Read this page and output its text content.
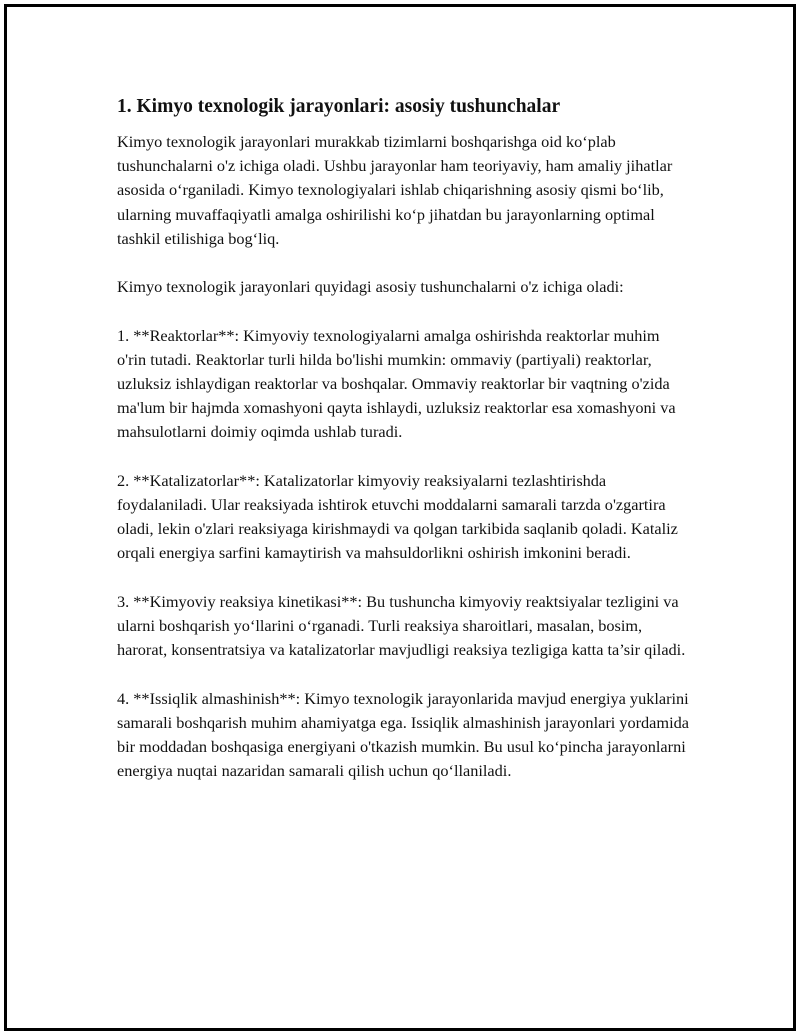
1. Kimyo texnologik jarayonlari: asosiy tushunchalar

Kimyo texnologik jarayonlari murakkab tizimlarni boshqarishga oid ko‘plab tushunchalarni o'z ichiga oladi. Ushbu jarayonlar ham teoriyaviy, ham amaliy jihatlar asosida o‘rganiladi. Kimyo texnologiyalari ishlab chiqarishning asosiy qismi bo‘lib, ularning muvaffaqiyatli amalga oshirilishi ko‘p jihatdan bu jarayonlarning optimal tashkil etilishiga bog‘liq.

Kimyo texnologik jarayonlari quyidagi asosiy tushunchalarni o'z ichiga oladi:

1. **Reaktorlar**: Kimyoviy texnologiyalarni amalga oshirishda reaktorlar muhim o'rin tutadi. Reaktorlar turli hilda bo'lishi mumkin: ommaviy (partiyali) reaktorlar, uzluksiz ishlaydigan reaktorlar va boshqalar. Ommaviy reaktorlar bir vaqtning o'zida ma'lum bir hajmda xomashyoni qayta ishlaydi, uzluksiz reaktorlar esa xomashyoni va mahsulotlarni doimiy oqimda ushlab turadi.

2. **Katalizatorlar**: Katalizatorlar kimyoviy reaksiyalarni tezlashtirishda foydalaniladi. Ular reaksiyada ishtirok etuvchi moddalarni samarali tarzda o'zgartira oladi, lekin o'zlari reaksiyaga kirishmaydi va qolgan tarkibida saqlanib qoladi. Kataliz orqali energiya sarfini kamaytirish va mahsuldorlikni oshirish imkonini beradi.

3. **Kimyoviy reaksiya kinetikasi**: Bu tushuncha kimyoviy reaktsiyalar tezligini va ularni boshqarish yo‘llarini o‘rganadi. Turli reaksiya sharoitlari, masalan, bosim, harorat, konsentratsiya va katalizatorlar mavjudligi reaksiya tezligiga katta ta’sir qiladi.

4. **Issiqlik almashinish**: Kimyo texnologik jarayonlarida mavjud energiya yuklarini samarali boshqarish muhim ahamiyatga ega. Issiqlik almashinish jarayonlari yordamida bir moddadan boshqasiga energiyani o'tkazish mumkin. Bu usul ko‘pincha jarayonlarni energiya nuqtai nazaridan samarali qilish uchun qo‘llaniladi.
